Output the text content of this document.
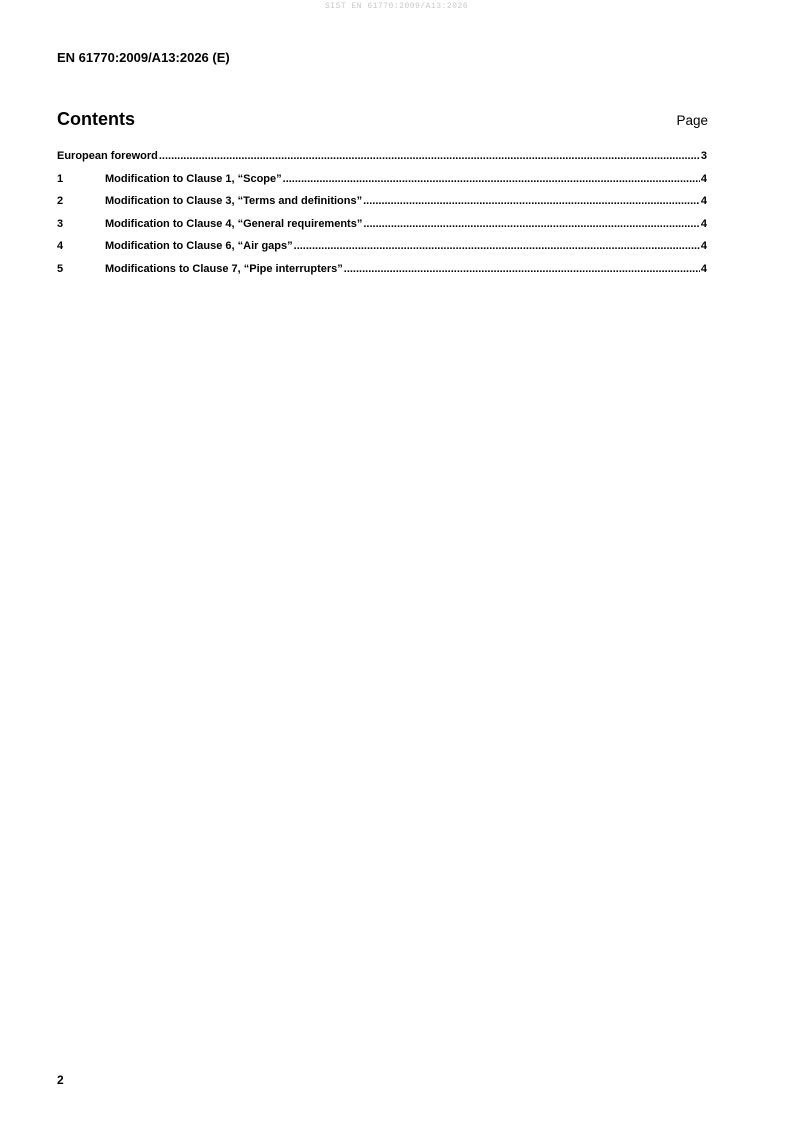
SIST EN 61770:2009/A13:2026
EN 61770:2009/A13:2026 (E)
Contents	Page
European foreword .....	3
1	Modification to Clause 1, “Scope” .....	4
2	Modification to Clause 3, “Terms and definitions” .....	4
3	Modification to Clause 4, “General requirements” .....	4
4	Modification to Clause 6, “Air gaps” .....	4
5	Modifications to Clause 7, “Pipe interrupters” .....	4
2
